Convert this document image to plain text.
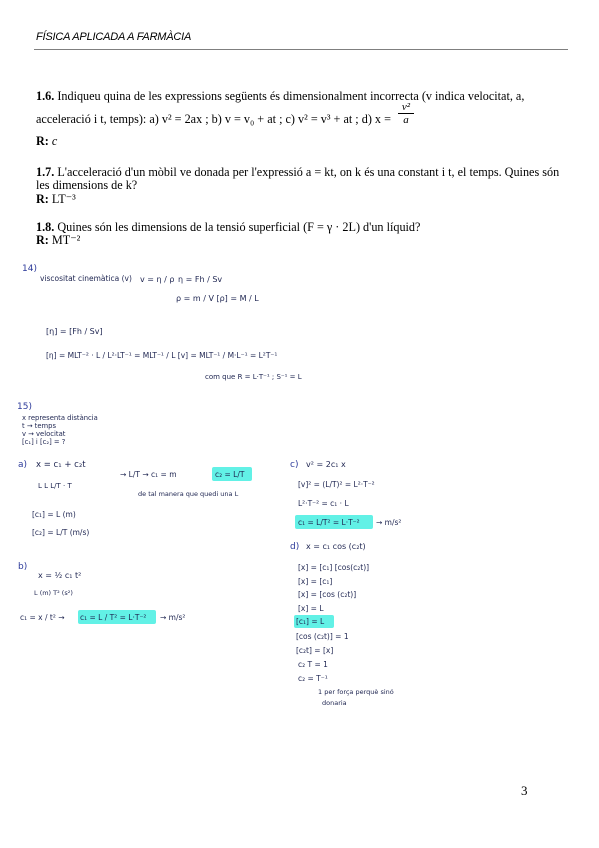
FÍSICA APLICADA A FARMÀCIA
1.6. Indiqueu quina de les expressions següents és dimensionalment incorrecta (v indica velocitat, a,
acceleració i t, temps): a) v² = 2ax ; b) v = v₀ + at ; c) v² = v³ + at ; d) $x = \frac{\text{v²}}{a}$
R: c
1.7. L'acceleració d'un mòbil ve donada per l'expressió a = kt, on k és una constant i t, el temps. Quines són
les dimensions de k?
R: LT⁻³
1.8. Quines són les dimensions de la tensió superficial (F = γ · 2L) d'un líquid?
R: MT⁻²
14)
viscositat cinemàtica (v) v = η / ρ η = Fh / Sv
ρ = m / V [ρ] = M / L
[η] = [Fh / Sv]
[η] = MLT⁻² · L / L²·LT⁻¹ = MLT⁻¹ / L [v] = MLT⁻¹ / M·L⁻¹ = L²T⁻¹
com que R = L·T⁻¹ ; S⁻¹ = L
15)
x representa distància
t → temps
v → velocitat
[c₁] i [c₂] = ?
a) x = c₁ + c₂t
L L L/T · T
→ L/T → c₁ = m	c₂ = L/T
de tal manera que quedi una L
[c₁] = L (m)
[c₂] = L/T (m/s)
b)
x = ½ c₁ t²
L (m) T² (s²)
c₁ = x / t² → c₁ = L / T² = L·T⁻² → m/s²
c) v² = 2c₁ x
[v]² = (L/T)² = L²·T⁻²
L²·T⁻² = c₁ · L
c₁ = L/T² = L·T⁻² → m/s²
d) x = c₁ cos (c₂t)
[x] = [c₁] [cos(c₂t)]
[x] = [c₁]
[x] = [cos (c₂t)]
[x] = L
[c₁] = L
[cos (c₂t)] = 1
[c₂t] = [x]
c₂ T = 1
c₂ = T⁻¹
1 per força perquè sinó
donaria
3
